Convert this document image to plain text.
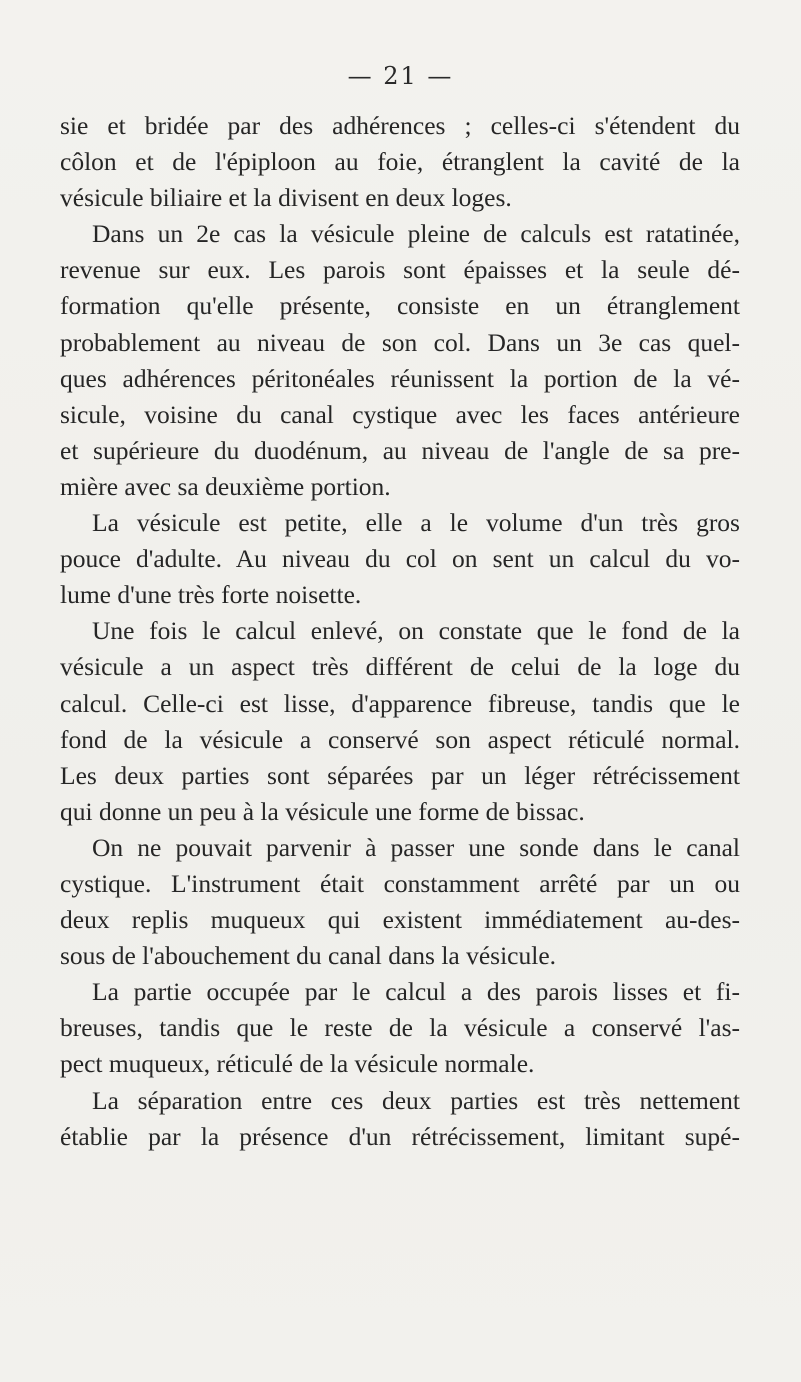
— 21 —
sie et bridée par des adhérences ; celles-ci s'étendent du
côlon et de l'épiploon au foie, étranglent la cavité de la
vésicule biliaire et la divisent en deux loges.
Dans un 2e cas la vésicule pleine de calculs est ratatinée,
revenue sur eux. Les parois sont épaisses et la seule dé-
formation qu'elle présente, consiste en un étranglement
probablement au niveau de son col. Dans un 3e cas quel-
ques adhérences péritonéales réunissent la portion de la vé-
sicule, voisine du canal cystique avec les faces antérieure
et supérieure du duodénum, au niveau de l'angle de sa pre-
mière avec sa deuxième portion.
La vésicule est petite, elle a le volume d'un très gros
pouce d'adulte. Au niveau du col on sent un calcul du vo-
lume d'une très forte noisette.
Une fois le calcul enlevé, on constate que le fond de la
vésicule a un aspect très différent de celui de la loge du
calcul. Celle-ci est lisse, d'apparence fibreuse, tandis que le
fond de la vésicule a conservé son aspect réticulé normal.
Les deux parties sont séparées par un léger rétrécissement
qui donne un peu à la vésicule une forme de bissac.
On ne pouvait parvenir à passer une sonde dans le canal
cystique. L'instrument était constamment arrêté par un ou
deux replis muqueux qui existent immédiatement au-des-
sous de l'abouchement du canal dans la vésicule.
La partie occupée par le calcul a des parois lisses et fi-
breuses, tandis que le reste de la vésicule a conservé l'as-
pect muqueux, réticulé de la vésicule normale.
La séparation entre ces deux parties est très nettement
établie par la présence d'un rétrécissement, limitant supé-
